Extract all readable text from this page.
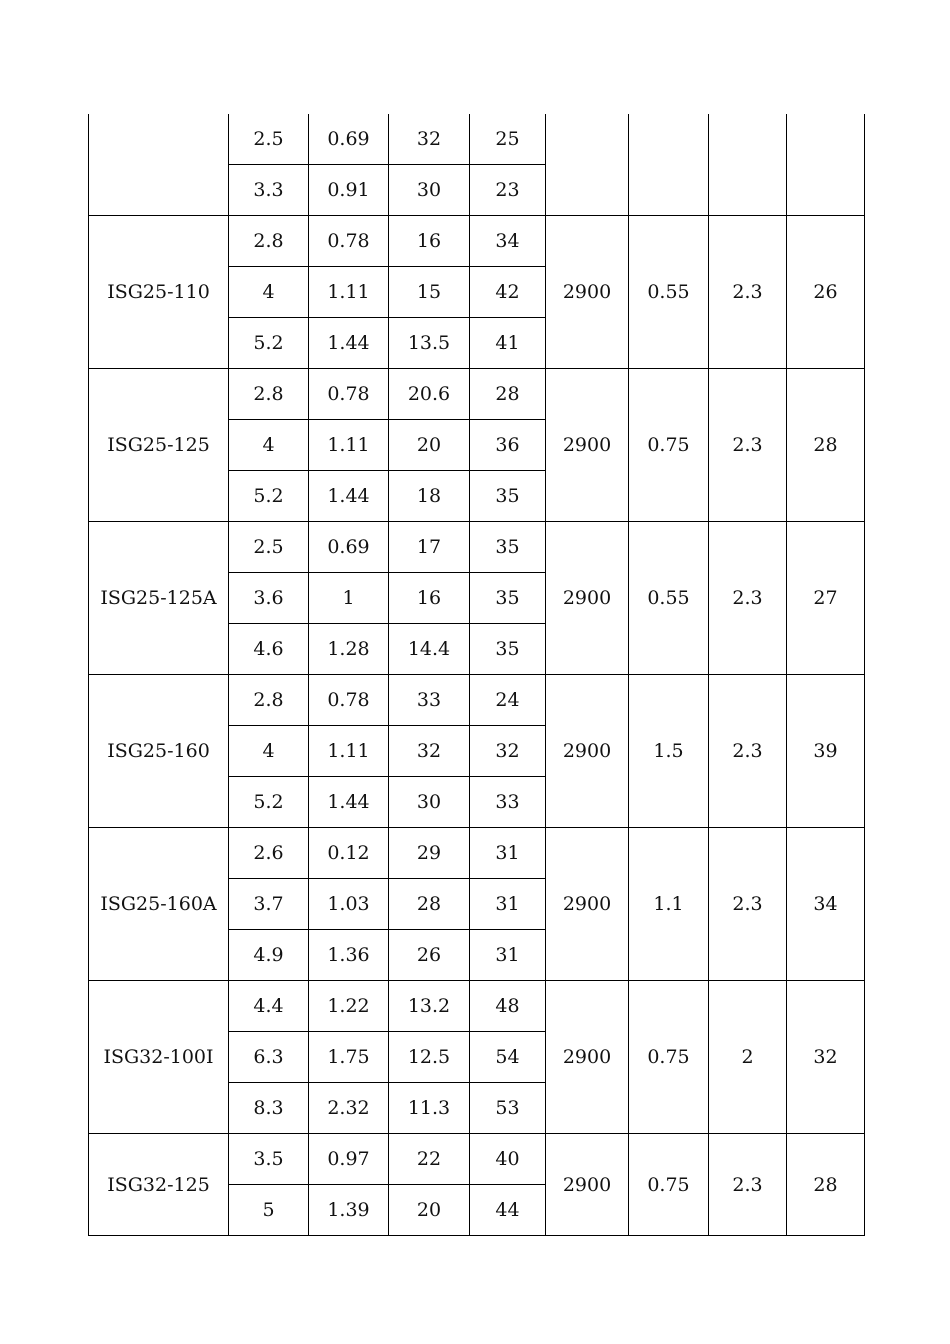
	2.5	0.69	32	25				
	3.3	0.91	30	23				
ISG25-110	2.8	0.78	16	34	2900	0.55	2.3	26
	4	1.11	15	42				
	5.2	1.44	13.5	41				
ISG25-125	2.8	0.78	20.6	28	2900	0.75	2.3	28
	4	1.11	20	36				
	5.2	1.44	18	35				
ISG25-125A	2.5	0.69	17	35	2900	0.55	2.3	27
	3.6	1	16	35				
	4.6	1.28	14.4	35				
ISG25-160	2.8	0.78	33	24	2900	1.5	2.3	39
	4	1.11	32	32				
	5.2	1.44	30	33				
ISG25-160A	2.6	0.12	29	31	2900	1.1	2.3	34
	3.7	1.03	28	31				
	4.9	1.36	26	31				
ISG32-100I	4.4	1.22	13.2	48	2900	0.75	2	32
	6.3	1.75	12.5	54				
	8.3	2.32	11.3	53				
ISG32-125	3.5	0.97	22	40	2900	0.75	2.3	28
	5	1.39	20	44				
